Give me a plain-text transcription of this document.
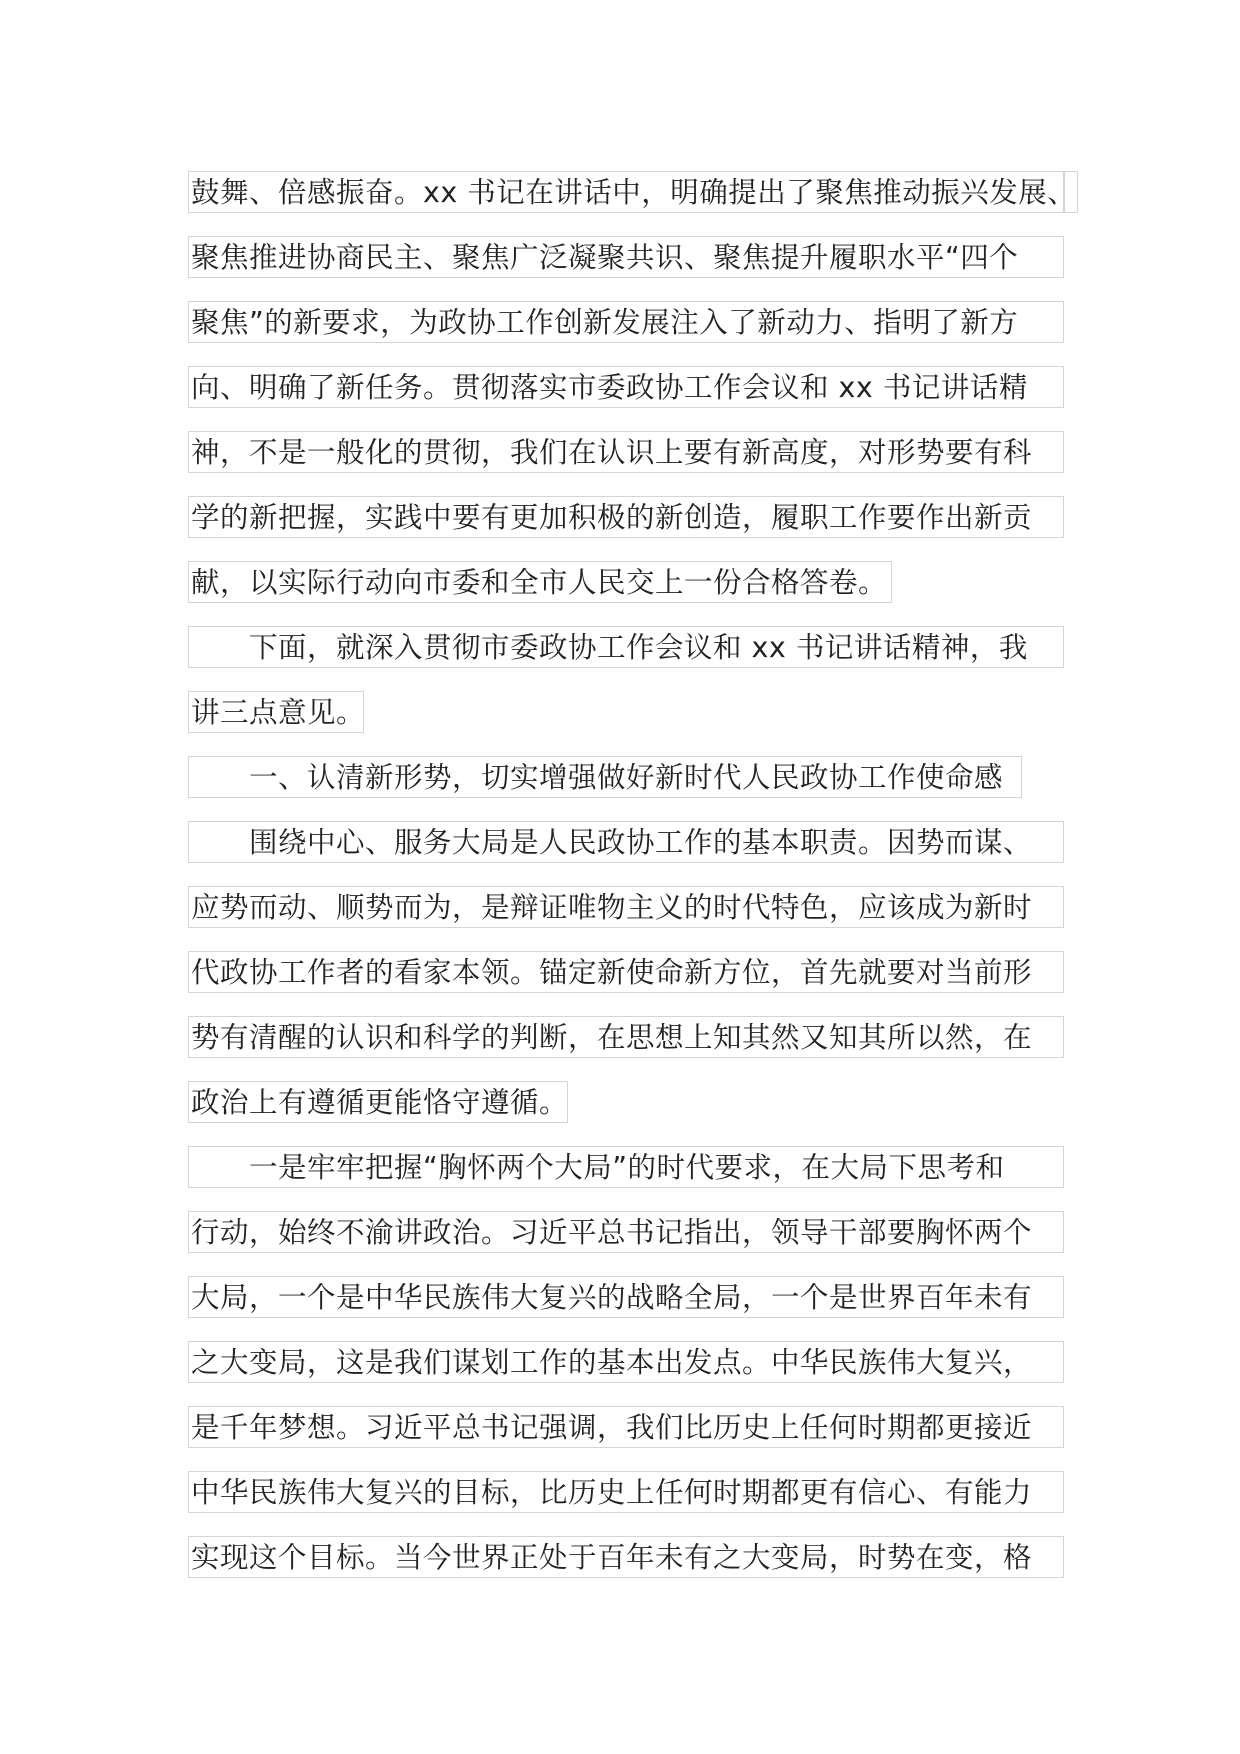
鼓舞、倍感振奋。xx 书记在讲话中，明确提出了聚焦推动振兴发展、
聚焦推进协商民主、聚焦广泛凝聚共识、聚焦提升履职水平“四个
聚焦”的新要求，为政协工作创新发展注入了新动力、指明了新方
向、明确了新任务。贯彻落实市委政协工作会议和 xx 书记讲话精
神，不是一般化的贯彻，我们在认识上要有新高度，对形势要有科
学的新把握，实践中要有更加积极的新创造，履职工作要作出新贡
献，以实际行动向市委和全市人民交上一份合格答卷。
下面，就深入贯彻市委政协工作会议和 xx 书记讲话精神，我
讲三点意见。
一、认清新形势，切实增强做好新时代人民政协工作使命感
围绕中心、服务大局是人民政协工作的基本职责。因势而谋、
应势而动、顺势而为，是辩证唯物主义的时代特色，应该成为新时
代政协工作者的看家本领。锚定新使命新方位，首先就要对当前形
势有清醒的认识和科学的判断，在思想上知其然又知其所以然，在
政治上有遵循更能恪守遵循。
一是牢牢把握“胸怀两个大局”的时代要求，在大局下思考和
行动，始终不渝讲政治。习近平总书记指出，领导干部要胸怀两个
大局，一个是中华民族伟大复兴的战略全局，一个是世界百年未有
之大变局，这是我们谋划工作的基本出发点。中华民族伟大复兴，
是千年梦想。习近平总书记强调，我们比历史上任何时期都更接近
中华民族伟大复兴的目标，比历史上任何时期都更有信心、有能力
实现这个目标。当今世界正处于百年未有之大变局，时势在变，格
